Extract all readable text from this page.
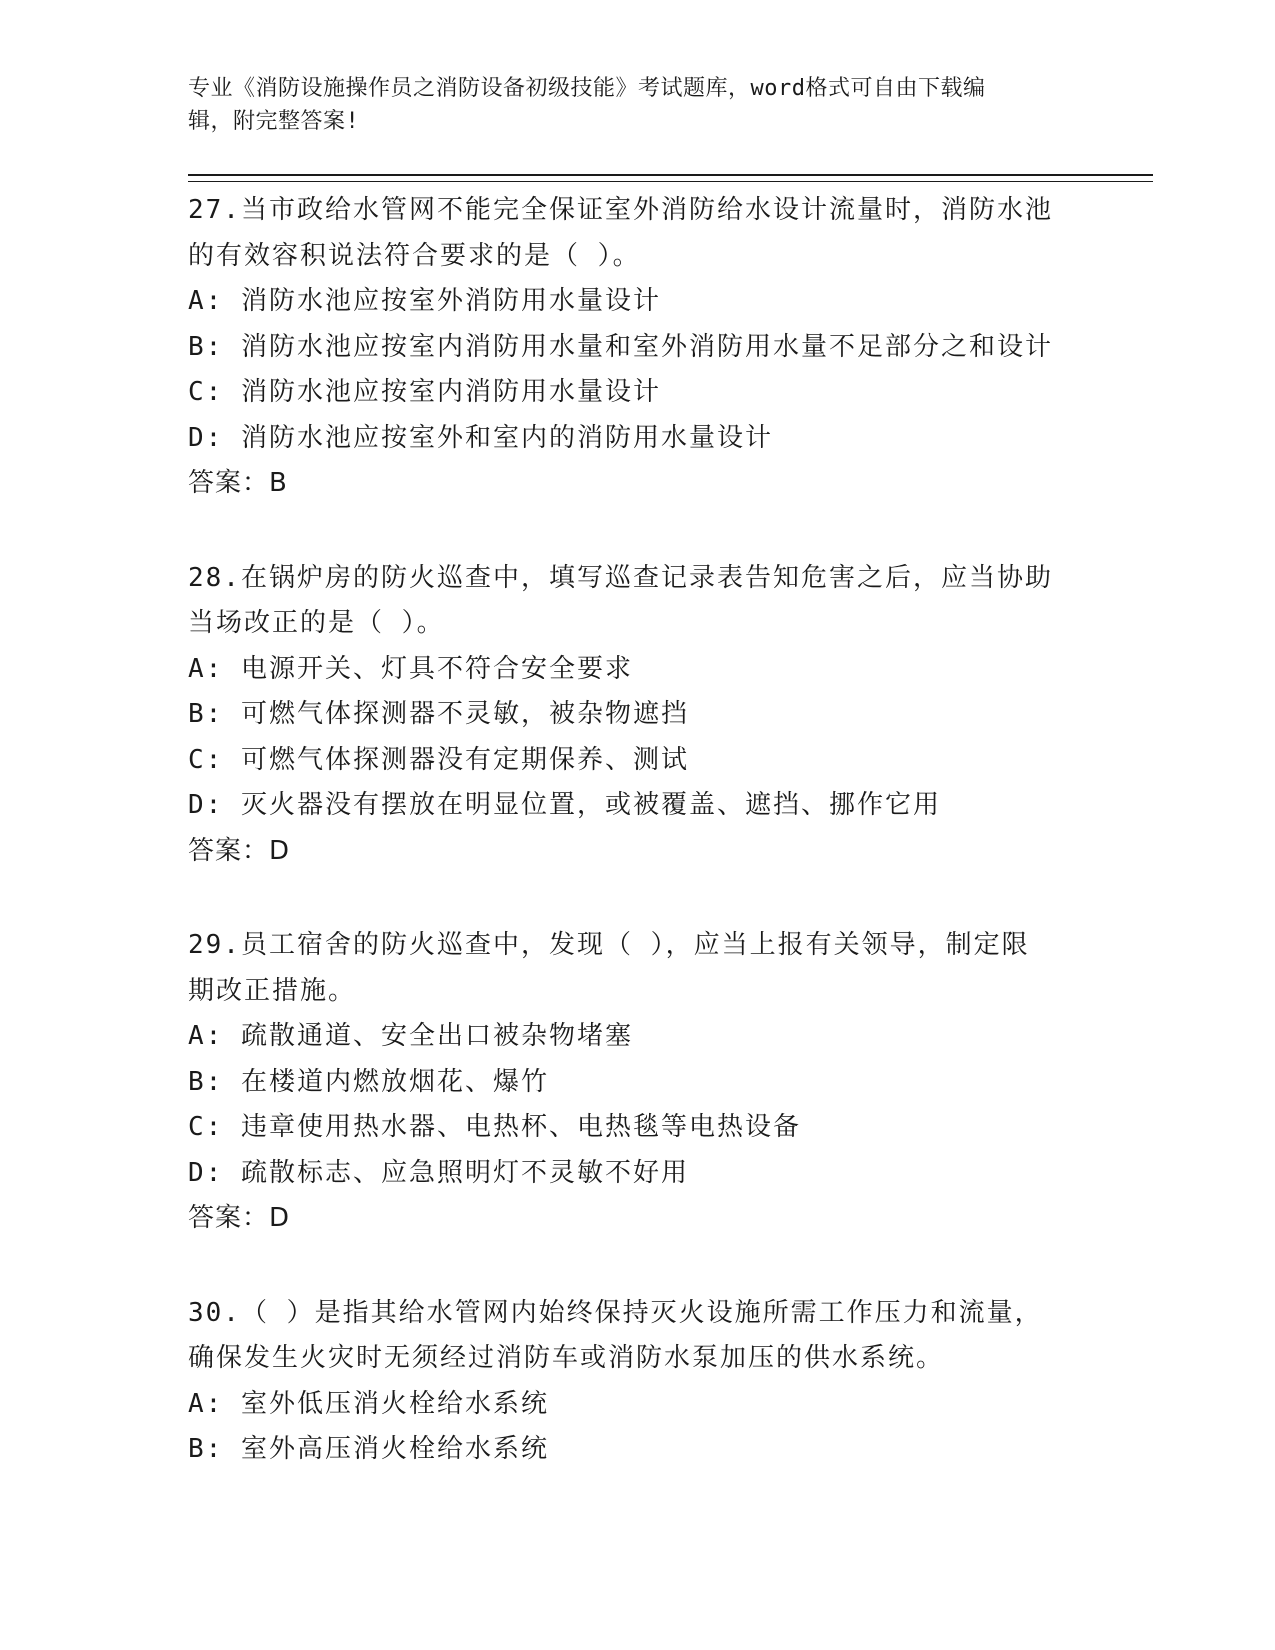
专业《消防设施操作员之消防设备初级技能》考试题库，word格式可自由下载编
辑，附完整答案!
27.当市政给水管网不能完全保证室外消防给水设计流量时，消防水池
的有效容积说法符合要求的是（ ）。
A: 消防水池应按室外消防用水量设计
B: 消防水池应按室内消防用水量和室外消防用水量不足部分之和设计
C: 消防水池应按室内消防用水量设计
D: 消防水池应按室外和室内的消防用水量设计
答案：B
28.在锅炉房的防火巡查中，填写巡查记录表告知危害之后，应当协助
当场改正的是（ ）。
A: 电源开关、灯具不符合安全要求
B: 可燃气体探测器不灵敏，被杂物遮挡
C: 可燃气体探测器没有定期保养、测试
D: 灭火器没有摆放在明显位置，或被覆盖、遮挡、挪作它用
答案：D
29.员工宿舍的防火巡查中，发现（ ），应当上报有关领导，制定限
期改正措施。
A: 疏散通道、安全出口被杂物堵塞
B: 在楼道内燃放烟花、爆竹
C: 违章使用热水器、电热杯、电热毯等电热设备
D: 疏散标志、应急照明灯不灵敏不好用
答案：D
30.（ ）是指其给水管网内始终保持灭火设施所需工作压力和流量，
确保发生火灾时无须经过消防车或消防水泵加压的供水系统。
A: 室外低压消火栓给水系统
B: 室外高压消火栓给水系统
